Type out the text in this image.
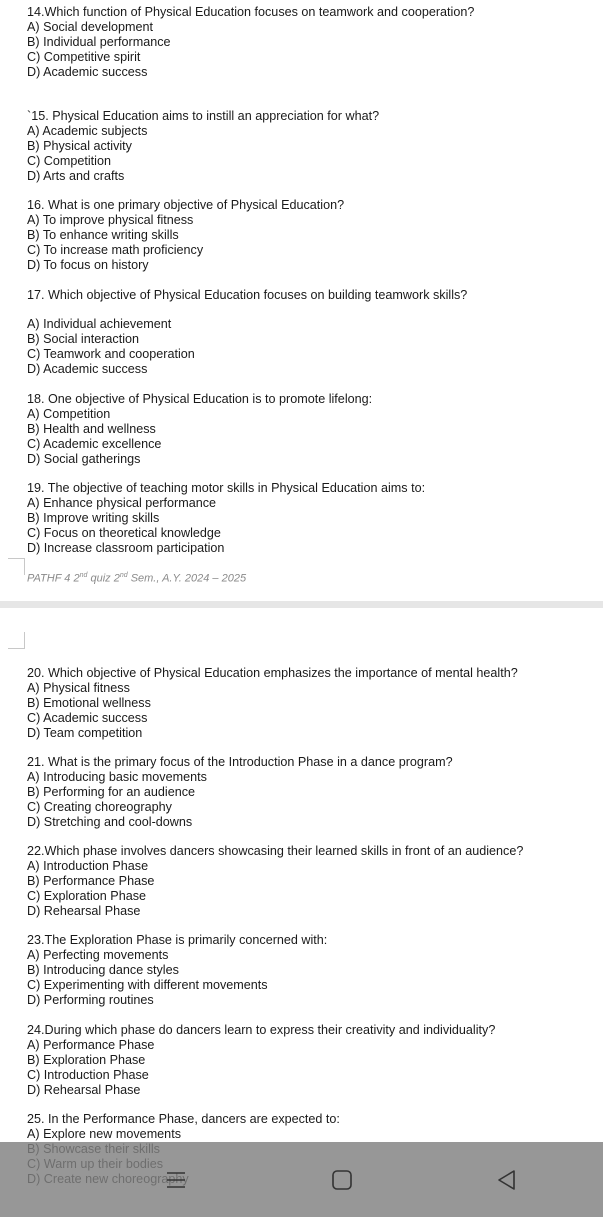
14.Which function of Physical Education focuses on teamwork and cooperation?
A) Social development
B) Individual performance
C) Competitive spirit
D) Academic success
`15. Physical Education aims to instill an appreciation for what?
A) Academic subjects
B) Physical activity
C) Competition
D) Arts and crafts
16. What is one primary objective of Physical Education?
A) To improve physical fitness
B) To enhance writing skills
C) To increase math proficiency
D) To focus on history
17. Which objective of Physical Education focuses on building teamwork skills?
A) Individual achievement
B) Social interaction
C) Teamwork and cooperation
D) Academic success
18. One objective of Physical Education is to promote lifelong:
A) Competition
B) Health and wellness
C) Academic excellence
D) Social gatherings
19. The objective of teaching motor skills in Physical Education aims to:
A) Enhance physical performance
B) Improve writing skills
C) Focus on theoretical knowledge
D) Increase classroom participation
PATHF 4 2nd quiz 2nd Sem., A.Y. 2024 – 2025
20. Which objective of Physical Education emphasizes the importance of mental health?
A) Physical fitness
B) Emotional wellness
C) Academic success
D) Team competition
21. What is the primary focus of the Introduction Phase in a dance program?
A) Introducing basic movements
B) Performing for an audience
C) Creating choreography
D) Stretching and cool-downs
22.Which phase involves dancers showcasing their learned skills in front of an audience?
A) Introduction Phase
B) Performance Phase
C) Exploration Phase
D) Rehearsal Phase
23.The Exploration Phase is primarily concerned with:
A) Perfecting movements
B) Introducing dance styles
C) Experimenting with different movements
D) Performing routines
24.During which phase do dancers learn to express their creativity and individuality?
A) Performance Phase
B) Exploration Phase
C) Introduction Phase
D) Rehearsal Phase
25. In the Performance Phase, dancers are expected to:
A) Explore new movements
